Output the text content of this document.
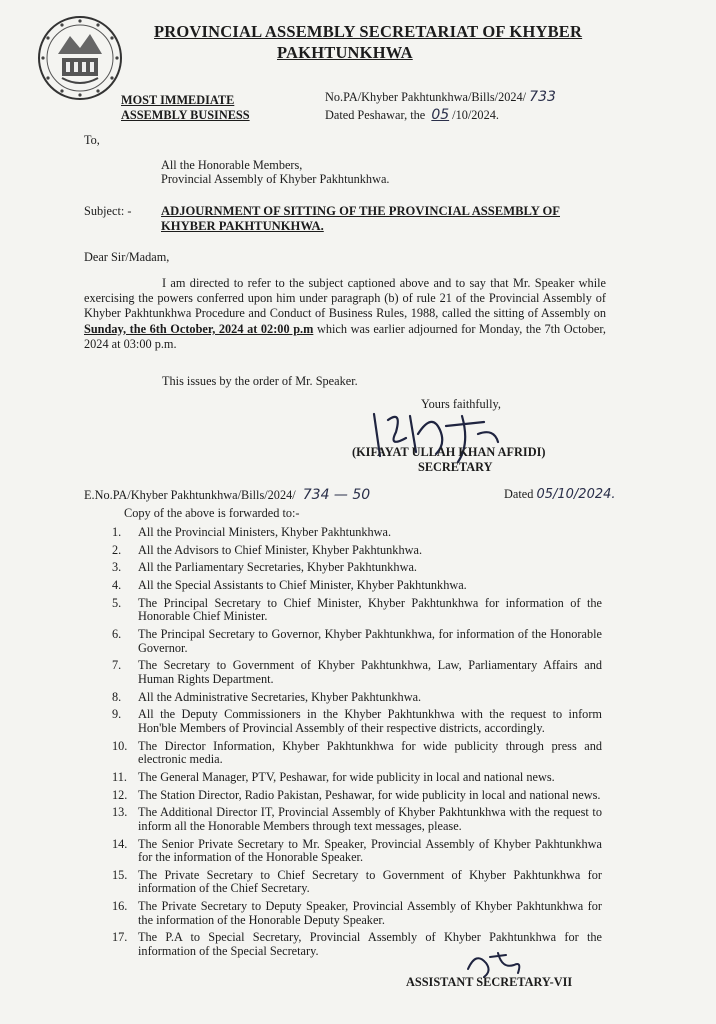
PROVINCIAL ASSEMBLY SECRETARIAT OF KHYBER
PAKHTUNKHWA
MOST IMMEDIATE
ASSEMBLY BUSINESS
No.PA/Khyber Pakhtunkhwa/Bills/2024/ 733
Dated Peshawar, the 05 /10/2024.
To,
All the Honorable Members,
Provincial Assembly of Khyber Pakhtunkhwa.
Subject: - ADJOURNMENT OF SITTING OF THE PROVINCIAL ASSEMBLY OF
KHYBER PAKHTUNKHWA.
Dear Sir/Madam,
I am directed to refer to the subject captioned above and to say that Mr. Speaker while exercising the powers conferred upon him under paragraph (b) of rule 21 of the Provincial Assembly of Khyber Pakhtunkhwa Procedure and Conduct of Business Rules, 1988, called the sitting of Assembly on Sunday, the 6th October, 2024 at 02:00 p.m which was earlier adjourned for Monday, the 7th October, 2024 at 03:00 p.m.
This issues by the order of Mr. Speaker.
Yours faithfully,
(KIFAYAT ULLAH KHAN AFRIDI)
SECRETARY
E.No.PA/Khyber Pakhtunkhwa/Bills/2024/ 734 — 50	Dated 05/10/2024.
Copy of the above is forwarded to:-
1. All the Provincial Ministers, Khyber Pakhtunkhwa.
2. All the Advisors to Chief Minister, Khyber Pakhtunkhwa.
3. All the Parliamentary Secretaries, Khyber Pakhtunkhwa.
4. All the Special Assistants to Chief Minister, Khyber Pakhtunkhwa.
5. The Principal Secretary to Chief Minister, Khyber Pakhtunkhwa for information of the Honorable Chief Minister.
6. The Principal Secretary to Governor, Khyber Pakhtunkhwa, for information of the Honorable Governor.
7. The Secretary to Government of Khyber Pakhtunkhwa, Law, Parliamentary Affairs and Human Rights Department.
8. All the Administrative Secretaries, Khyber Pakhtunkhwa.
9. All the Deputy Commissioners in the Khyber Pakhtunkhwa with the request to inform Hon'ble Members of Provincial Assembly of their respective districts, accordingly.
10. The Director Information, Khyber Pakhtunkhwa for wide publicity through press and electronic media.
11. The General Manager, PTV, Peshawar, for wide publicity in local and national news.
12. The Station Director, Radio Pakistan, Peshawar, for wide publicity in local and national news.
13. The Additional Director IT, Provincial Assembly of Khyber Pakhtunkhwa with the request to inform all the Honorable Members through text messages, please.
14. The Senior Private Secretary to Mr. Speaker, Provincial Assembly of Khyber Pakhtunkhwa for the information of the Honorable Speaker.
15. The Private Secretary to Chief Secretary to Government of Khyber Pakhtunkhwa for information of the Chief Secretary.
16. The Private Secretary to Deputy Speaker, Provincial Assembly of Khyber Pakhtunkhwa for the information of the Honorable Deputy Speaker.
17. The P.A to Special Secretary, Provincial Assembly of Khyber Pakhtunkhwa for the information of the Special Secretary.
ASSISTANT SECRETARY-VII
